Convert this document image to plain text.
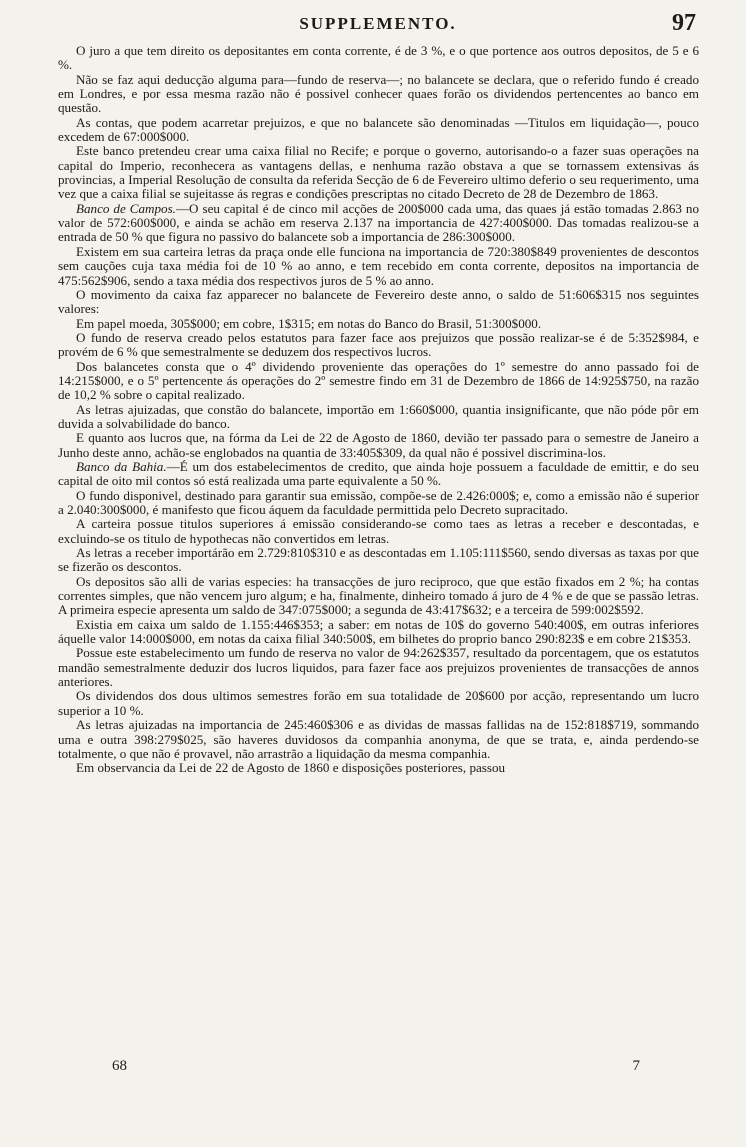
SUPPLEMENTO.	97

O juro a que tem direito os depositantes em conta corrente, é de 3 %, e o que portence aos outros depositos, de 5 e 6 %.

Não se faz aqui deducção alguma para—fundo de reserva—; no balancete se declara, que o referido fundo é creado em Londres, e por essa mesma razão não é possivel conhecer quaes forão os dividendos pertencentes ao banco em questão.

As contas, que podem acarretar prejuizos, e que no balancete são denominadas —Titulos em liquidação—, pouco excedem de 67:000$000.

Este banco pretendeu crear uma caixa filial no Recife; e porque o governo, autorisando-o a fazer suas operações na capital do Imperio, reconhecera as vantagens dellas, e nenhuma razão obstava a que se tornassem extensivas ás provincias, a Imperial Resolução de consulta da referida Secção de 6 de Fevereiro ultimo deferio o seu requerimento, uma vez que a caixa filial se sujeitasse ás regras e condições prescriptas no citado Decreto de 28 de Dezembro de 1863.

Banco de Campos.—O seu capital é de cinco mil acções de 200$000 cada uma, das quaes já estão tomadas 2.863 no valor de 572:600$000, e ainda se achão em reserva 2.137 na importancia de 427:400$000. Das tomadas realizou-se a entrada de 50 % que figura no passivo do balancete sob a importancia de 286:300$000.

Existem em sua carteira letras da praça onde elle funciona na importancia de 720:380$849 provenientes de descontos sem cauções cuja taxa média foi de 10 % ao anno, e tem recebido em conta corrente, depositos na importancia de 475:562$906, sendo a taxa média dos respectivos juros de 5 % ao anno.

O movimento da caixa faz apparecer no balancete de Fevereiro deste anno, o saldo de 51:606$315 nos seguintes valores:

Em papel moeda, 305$000; em cobre, 1$315; em notas do Banco do Brasil, 51:300$000.

O fundo de reserva creado pelos estatutos para fazer face aos prejuizos que possão realizar-se é de 5:352$984, e provém de 6 % que semestralmente se deduzem dos respectivos lucros.

Dos balancetes consta que o 4º dividendo proveniente das operações do 1º semestre do anno passado foi de 14:215$000, e o 5º pertencente ás operações do 2º semestre findo em 31 de Dezembro de 1866 de 14:925$750, na razão de 10,2 % sobre o capital realizado.

As letras ajuizadas, que constão do balancete, importão em 1:660$000, quantia insignificante, que não póde pôr em duvida a solvabilidade do banco.

E quanto aos lucros que, na fórma da Lei de 22 de Agosto de 1860, devião ter passado para o semestre de Janeiro a Junho deste anno, achão-se englobados na quantia de 33:405$309, da qual não é possivel discrimina-los.

Banco da Bahia.—É um dos estabelecimentos de credito, que ainda hoje possuem a faculdade de emittir, e do seu capital de oito mil contos só está realizada uma parte equivalente a 50 %.

O fundo disponivel, destinado para garantir sua emissão, compõe-se de 2.426:000$; e, como a emissão não é superior a 2.040:300$000, é manifesto que ficou áquem da faculdade permittida pelo Decreto supracitado.

A carteira possue titulos superiores á emissão considerando-se como taes as letras a receber e descontadas, e excluindo-se os titulo de hypothecas não convertidos em letras.

As letras a receber importárão em 2.729:810$310 e as descontadas em 1.105:111$560, sendo diversas as taxas por que se fizerão os descontos.

Os depositos são alli de varias especies: ha transacções de juro reciproco, que que estão fixados em 2 %; ha contas correntes simples, que não vencem juro algum; e ha, finalmente, dinheiro tomado á juro de 4 % e de que se passão letras. A primeira especie apresenta um saldo de 347:075$000; a segunda de 43:417$632; e a terceira de 599:002$592.

Existia em caixa um saldo de 1.155:446$353; a saber: em notas de 10$ do governo 540:400$, em outras inferiores áquelle valor 14:000$000, em notas da caixa filial 340:500$, em bilhetes do proprio banco 290:823$ e em cobre 21$353.

Possue este estabelecimento um fundo de reserva no valor de 94:262$357, resultado da porcentagem, que os estatutos mandão semestralmente deduzir dos lucros liquidos, para fazer face aos prejuizos provenientes de transacções de annos anteriores.

Os dividendos dos dous ultimos semestres forão em sua totalidade de 20$600 por acção, representando um lucro superior a 10 %.

As letras ajuizadas na importancia de 245:460$306 e as dividas de massas fallidas na de 152:818$719, sommando uma e outra 398:279$025, são haveres duvidosos da companhia anonyma, de que se trata, e, ainda perdendo-se totalmente, o que não é provavel, não arrastrão a liquidação da mesma companhia.

Em observancia da Lei de 22 de Agosto de 1860 e disposições posteriores, passou

68	7
